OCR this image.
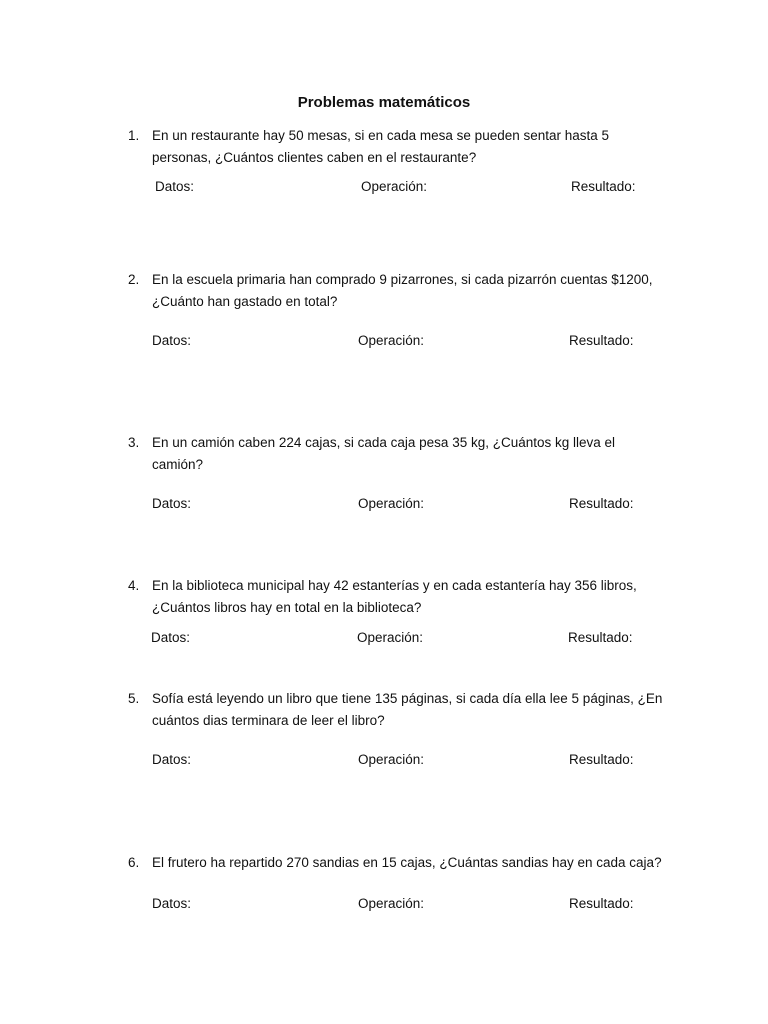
Problemas matemáticos
1. En un restaurante hay 50 mesas, si en cada mesa se pueden sentar hasta 5 personas, ¿Cuántos clientes caben en el restaurante?
Datos:	Operación:	Resultado:
2. En la escuela primaria han comprado 9 pizarrones, si cada pizarrón cuentas $1200, ¿Cuánto han gastado en total?
Datos:	Operación:	Resultado:
3. En un camión caben 224 cajas, si cada caja pesa 35 kg, ¿Cuántos kg lleva el camión?
Datos:	Operación:	Resultado:
4. En la biblioteca municipal hay 42 estanterías y en cada estantería hay 356 libros, ¿Cuántos libros hay en total en la biblioteca?
Datos:	Operación:	Resultado:
5. Sofía está leyendo un libro que tiene 135 páginas, si cada día ella lee 5 páginas, ¿En cuántos dias terminara de leer el libro?
Datos:	Operación:	Resultado:
6. El frutero ha repartido 270 sandias en 15 cajas, ¿Cuántas sandias hay en cada caja?
Datos:	Operación:	Resultado:
